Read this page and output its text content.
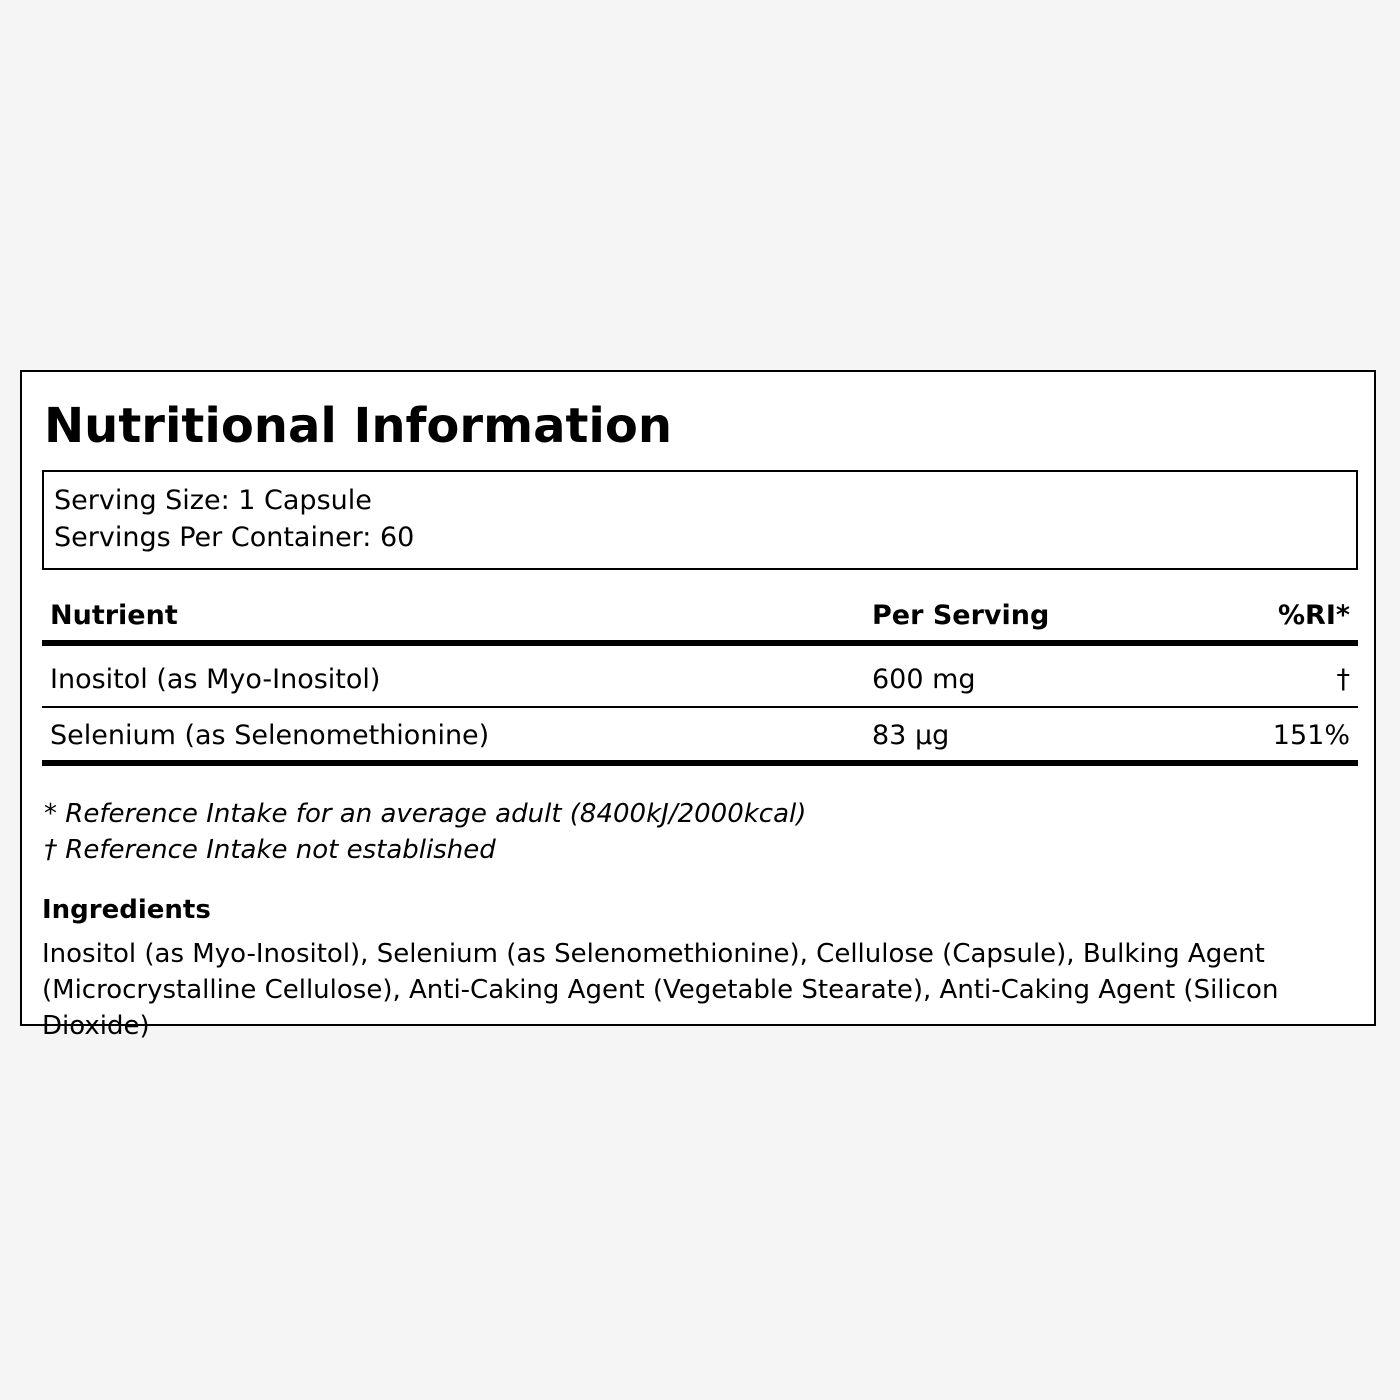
Nutritional Information
Serving Size: 1 Capsule
Servings Per Container: 60
Nutrient	Per Serving	%RI*
Inositol (as Myo-Inositol)	600 mg	†
Selenium (as Selenomethionine)	83 µg	151%
* Reference Intake for an average adult (8400kJ/2000kcal)
† Reference Intake not established
Ingredients
Inositol (as Myo-Inositol), Selenium (as Selenomethionine), Cellulose (Capsule), Bulking Agent (Microcrystalline Cellulose), Anti-Caking Agent (Vegetable Stearate), Anti-Caking Agent (Silicon Dioxide)
